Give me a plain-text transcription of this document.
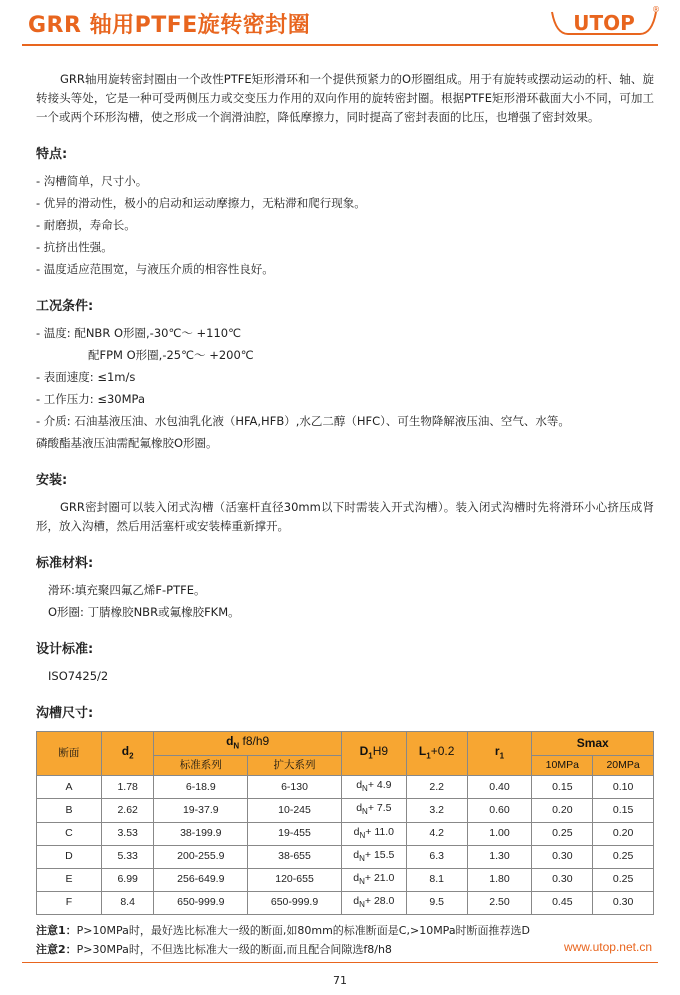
GRR 轴用PTFE旋转密封圈	UTOP
®

GRR轴用旋转密封圈由一个改性PTFE矩形滑环和一个提供预紧力的O形圈组成。用于有旋转或摆动运动的杆、轴、旋转接头等处，它是一种可受两侧压力或交变压力作用的双向作用的旋转密封圈。根据PTFE矩形滑环截面大小不同，可加工一个或两个环形沟槽，使之形成一个润滑油腔，降低摩擦力，同时提高了密封表面的比压，也增强了密封效果。

特点:
- 沟槽简单，尺寸小。
- 优异的滑动性，极小的启动和运动摩擦力，无粘滞和爬行现象。
- 耐磨损，寿命长。
- 抗挤出性强。
- 温度适应范围宽，与液压介质的相容性良好。
工况条件:
- 温度: 配NBR O形圈,-30℃～ +110℃
配FPM O形圈,-25℃～ +200℃
- 表面速度: ≤1m/s
- 工作压力: ≤30MPa
- 介质: 石油基液压油、水包油乳化液（HFA,HFB）,水乙二醇（HFC）、可生物降解液压油、空气、水等。
磷酸酯基液压油需配氟橡胶O形圈。
安装:

GRR密封圈可以装入闭式沟槽（活塞杆直径30mm以下时需装入开式沟槽）。装入闭式沟槽时先将滑环小心挤压成肾形，放入沟槽，然后用活塞杆或安装棒重新撑开。

标准材料:
滑环:填充聚四氟乙烯F-PTFE。
O形圈: 丁腈橡胶NBR或氟橡胶FKM。
设计标准:
ISO7425/2
沟槽尺寸:
断面	$d_2$	$d_N$ f8/h9		$D_1H9$	$L_1+0.2$	$r_1$	Smax	
		标准系列	扩大系列				10MPa	20MPa
A	1.78	6-18.9	6-130	$d_N+ 4.9$	2.2	0.40	0.15	0.10
B	2.62	19-37.9	10-245	$d_N+ 7.5$	3.2	0.60	0.20	0.15
C	3.53	38-199.9	19-455	$d_N+ 11.0$	4.2	1.00	0.25	0.20
D	5.33	200-255.9	38-655	$d_N+ 15.5$	6.3	1.30	0.30	0.25
E	6.99	256-649.9	120-655	$d_N+ 21.0$	8.1	1.80	0.30	0.25
F	8.4	650-999.9	650-999.9	$d_N+ 28.0$	9.5	2.50	0.45	0.30
注意1：P>10MPa时，最好选比标准大一级的断面,如80mm的标准断面是C,>10MPa时断面推荐选D
注意2：P>30MPa时，不但选比标准大一级的断面,而且配合间隙选f8/h8	www.utop.net.cn
71
